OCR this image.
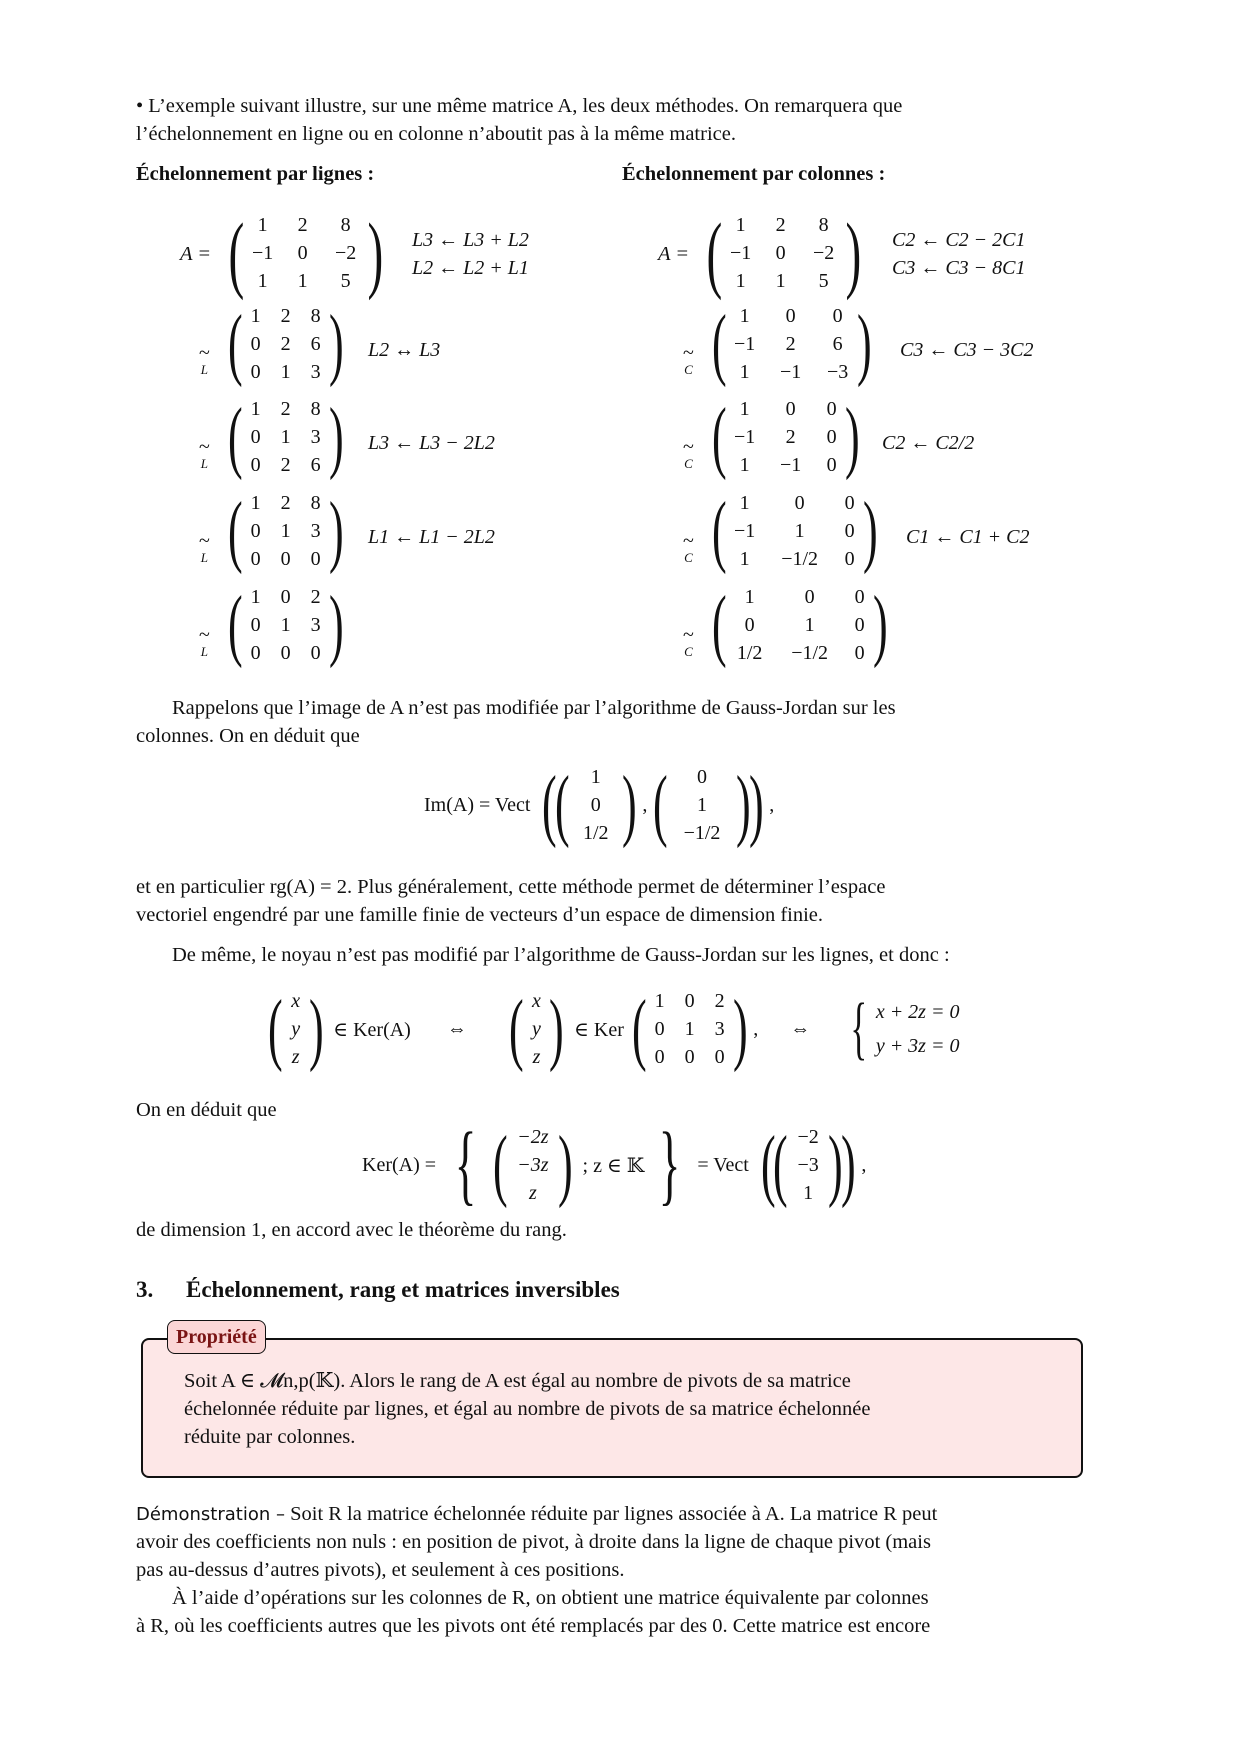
• L’exemple suivant illustre, sur une même matrice A, les deux méthodes. On remarquera que
l’échelonnement en ligne ou en colonne n’aboutit pas à la même matrice.
Échelonnement par lignes :	Échelonnement par colonnes :
A = ( 1	2	8
−1	0	−2
1	1	5 ) L3 ← L3 + L2
L2 ← L2 + L1
~
L ( 1 2 8
0 2 6
0 1 3 ) L2 ↔ L3
~
L ( 1 2 8
0 1 3
0 2 6 ) L3 ← L3 − 2L2
~
L ( 1 2 8
0 1 3
0 0 0 ) L1 ← L1 − 2L2
~
L ( 1 0 2
0 1 3
0 0 0 )
A = ( 1	2	8
−1	0	−2
1	1	5 ) C2 ← C2 − 2C1
C3 ← C3 − 8C1
~
C ( 1	0	0
−1	2	6
1	−1	−3 ) C3 ← C3 − 3C2
~
C ( 1	0	0
−1	2	0
1	−1	0 ) C2 ← C2/2
~
C ( 1	0	0
−1	1	0
1	−1/2	0 ) C1 ← C1 + C2
~
C ( 1	0	0
0	1	0
1/2	−1/2	0 )
Rappelons que l’image de A n’est pas modifiée par l’algorithme de Gauss-Jordan sur les
colonnes. On en déduit que
Im(A) = Vect (
(	1
0
1/2 ) , (	0
1
−1/2 )
) ,
et en particulier rg(A) = 2. Plus généralement, cette méthode permet de déterminer l’espace
vectoriel engendré par une famille finie de vecteurs d’un espace de dimension finie.
De même, le noyau n’est pas modifié par l’algorithme de Gauss-Jordan sur les lignes, et donc :
( x
y
z ) ∈ Ker(A) ⇔ ( x
y
z ) ∈ Ker ( 1 0 2
0 1 3
0 0 0 ) , ⇔ { x + 2z = 0
y + 3z = 0
On en déduit que
Ker(A) = { ( −2z
−3z
z ) ; z ∈ 𝕂 } = Vect (
( −2
−3
1 )
) ,
de dimension 1, en accord avec le théorème du rang.
3. Échelonnement, rang et matrices inversibles
Propriété
Soit A ∈ 𝓜n,p(𝕂). Alors le rang de A est égal au nombre de pivots de sa matrice
échelonnée réduite par lignes, et égal au nombre de pivots de sa matrice échelonnée
réduite par colonnes.
Démonstration – Soit R la matrice échelonnée réduite par lignes associée à A. La matrice R peut
avoir des coefficients non nuls : en position de pivot, à droite dans la ligne de chaque pivot (mais
pas au-dessus d’autres pivots), et seulement à ces positions.
À l’aide d’opérations sur les colonnes de R, on obtient une matrice équivalente par colonnes
à R, où les coefficients autres que les pivots ont été remplacés par des 0. Cette matrice est encore
